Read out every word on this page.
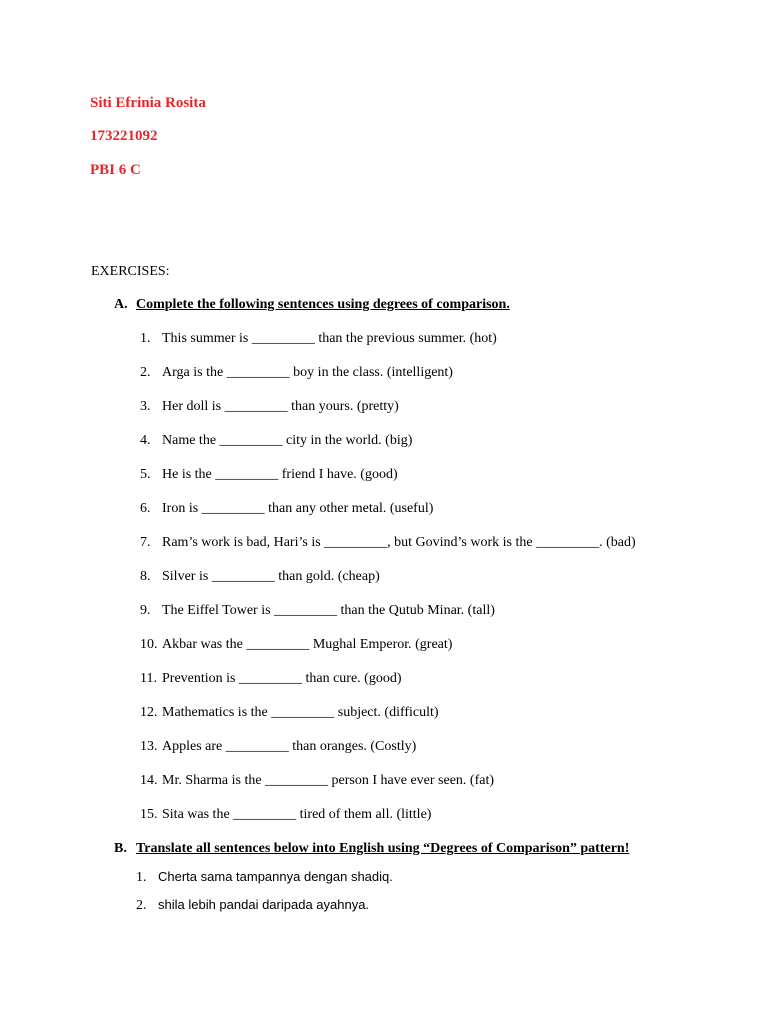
Siti Efrinia Rosita
173221092
PBI 6 C
EXERCISES:
A. Complete the following sentences using degrees of comparison.
1. This summer is _________ than the previous summer. (hot)
2. Arga is the _________ boy in the class. (intelligent)
3. Her doll is _________ than yours. (pretty)
4. Name the _________ city in the world. (big)
5. He is the _________ friend I have. (good)
6. Iron is _________ than any other metal. (useful)
7. Ram’s work is bad, Hari’s is _________, but Govind’s work is the _________. (bad)
8. Silver is _________ than gold. (cheap)
9. The Eiffel Tower is _________ than the Qutub Minar. (tall)
10. Akbar was the _________ Mughal Emperor. (great)
11. Prevention is _________ than cure. (good)
12. Mathematics is the _________ subject. (difficult)
13. Apples are _________ than oranges. (Costly)
14. Mr. Sharma is the _________ person I have ever seen. (fat)
15. Sita was the _________ tired of them all. (little)
B. Translate all sentences below into English using “Degrees of Comparison” pattern!
1. Cherta sama tampannya dengan shadiq.
2. shila lebih pandai daripada ayahnya.
